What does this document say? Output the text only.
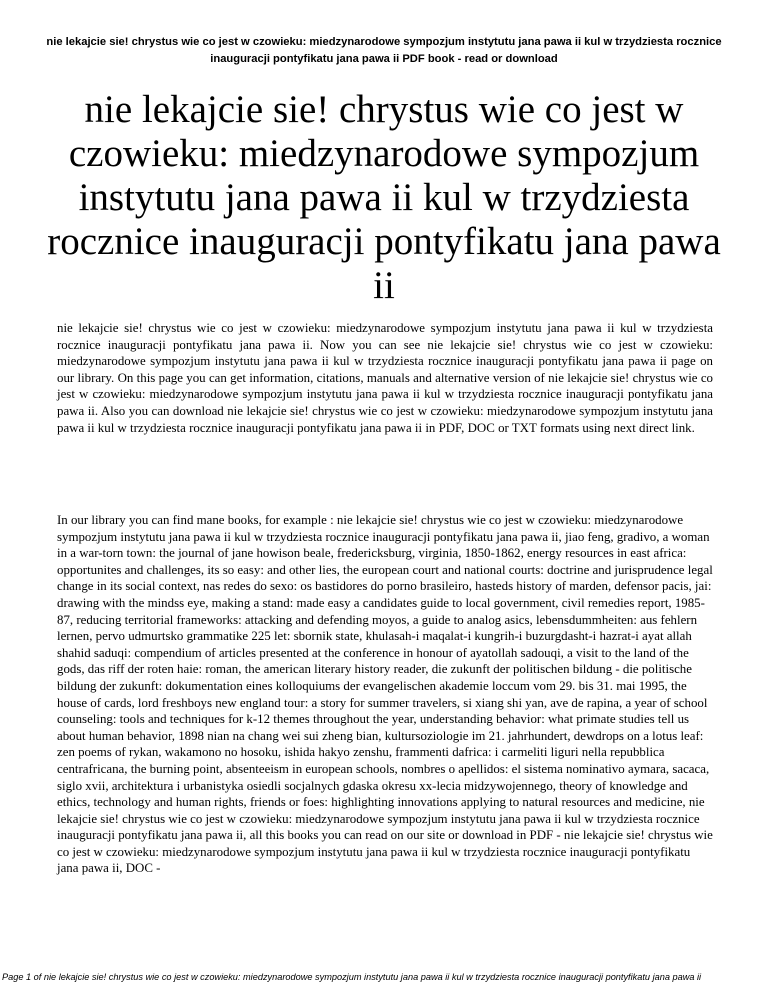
nie lekajcie sie! chrystus wie co jest w czowieku: miedzynarodowe sympozjum instytutu jana pawa ii kul w trzydziesta rocznice inauguracji pontyfikatu jana pawa ii PDF book - read or download
nie lekajcie sie! chrystus wie co jest w czowieku: miedzynarodowe sympozjum instytutu jana pawa ii kul w trzydziesta rocznice inauguracji pontyfikatu jana pawa ii

nie lekajcie sie! chrystus wie co jest w czowieku: miedzynarodowe sympozjum instytutu jana pawa ii kul w trzydziesta rocznice inauguracji pontyfikatu jana pawa ii. Now you can see nie lekajcie sie! chrystus wie co jest w czowieku: miedzynarodowe sympozjum instytutu jana pawa ii kul w trzydziesta rocznice inauguracji pontyfikatu jana pawa ii page on our library. On this page you can get information, citations, manuals and alternative version of nie lekajcie sie! chrystus wie co jest w czowieku: miedzynarodowe sympozjum instytutu jana pawa ii kul w trzydziesta rocznice inauguracji pontyfikatu jana pawa ii. Also you can download nie lekajcie sie! chrystus wie co jest w czowieku: miedzynarodowe sympozjum instytutu jana pawa ii kul w trzydziesta rocznice inauguracji pontyfikatu jana pawa ii in PDF, DOC or TXT formats using next direct link.

In our library you can find mane books, for example : nie lekajcie sie! chrystus wie co jest w czowieku: miedzynarodowe sympozjum instytutu jana pawa ii kul w trzydziesta rocznice inauguracji pontyfikatu jana pawa ii, jiao feng, gradivo, a woman in a war-torn town: the journal of jane howison beale, fredericksburg, virginia, 1850-1862, energy resources in east africa: opportunites and challenges, its so easy: and other lies, the european court and national courts: doctrine and jurisprudence legal change in its social context, nas redes do sexo: os bastidores do porno brasileiro, hasteds history of marden, defensor pacis, jai: drawing with the mindss eye, making a stand: made easy a candidates guide to local government, civil remedies report, 1985-87, reducing territorial frameworks: attacking and defending moyos, a guide to analog asics, lebensdummheiten: aus fehlern lernen, pervo udmurtsko grammatike 225 let: sbornik state, khulasah-i maqalat-i kungrih-i buzurgdasht-i hazrat-i ayat allah shahid saduqi: compendium of articles presented at the conference in honour of ayatollah sadouqi, a visit to the land of the gods, das riff der roten haie: roman, the american literary history reader, die zukunft der politischen bildung - die politische bildung der zukunft: dokumentation eines kolloquiums der evangelischen akademie loccum vom 29. bis 31. mai 1995, the house of cards, lord freshboys new england tour: a story for summer travelers, si xiang shi yan, ave de rapina, a year of school counseling: tools and techniques for k-12 themes throughout the year, understanding behavior: what primate studies tell us about human behavior, 1898 nian na chang wei sui zheng bian, kultursoziologie im 21. jahrhundert, dewdrops on a lotus leaf: zen poems of rykan, wakamono no hosoku, ishida hakyo zenshu, frammenti dafrica: i carmeliti liguri nella repubblica centrafricana, the burning point, absenteeism in european schools, nombres o apellidos: el sistema nominativo aymara, sacaca, siglo xvii, architektura i urbanistyka osiedli socjalnych gdaska okresu xx-lecia midzywojennego, theory of knowledge and ethics, technology and human rights, friends or foes: highlighting innovations applying to natural resources and medicine, nie lekajcie sie! chrystus wie co jest w czowieku: miedzynarodowe sympozjum instytutu jana pawa ii kul w trzydziesta rocznice inauguracji pontyfikatu jana pawa ii, all this books you can read on our site or download in PDF - nie lekajcie sie! chrystus wie co jest w czowieku: miedzynarodowe sympozjum instytutu jana pawa ii kul w trzydziesta rocznice inauguracji pontyfikatu jana pawa ii, DOC -

Page 1 of nie lekajcie sie! chrystus wie co jest w czowieku: miedzynarodowe sympozjum instytutu jana pawa ii kul w trzydziesta rocznice inauguracji pontyfikatu jana pawa ii
